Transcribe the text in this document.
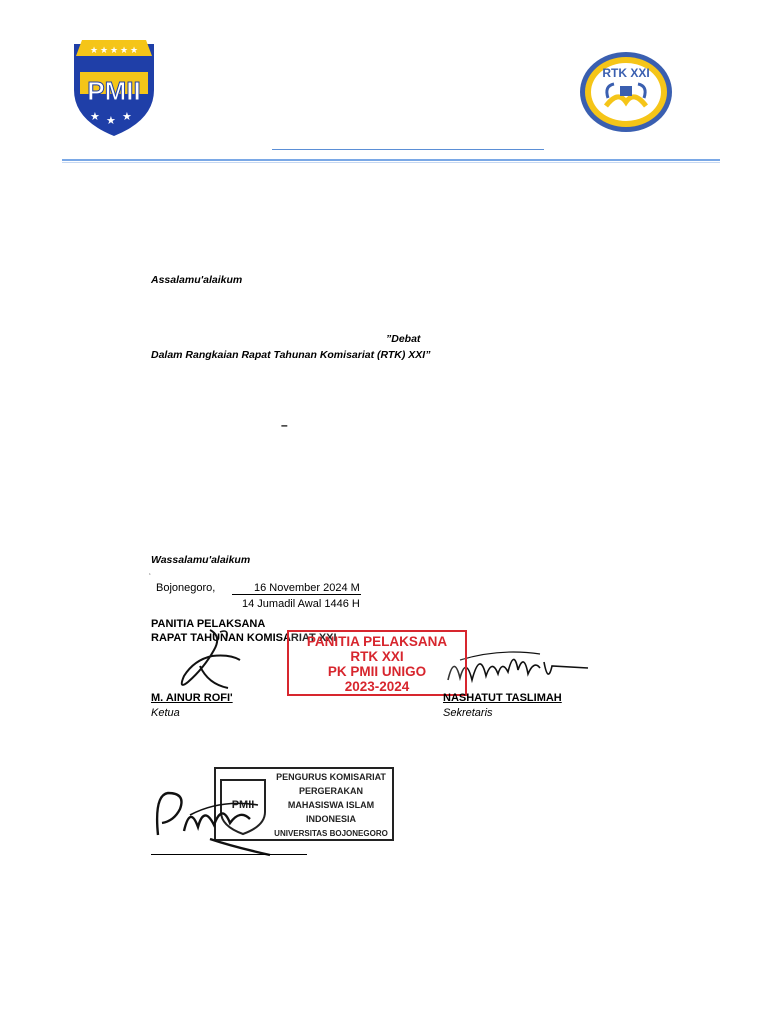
★ ★ ★ ★ ★
PMII
★ ★ ★
RTK XXI
Assalamu'alaikum
”Debat
Dalam Rangkaian Rapat Tahunan Komisariat (RTK) XXI”
–
Wassalamu'alaikum
‘
Bojonegoro,	16 November 2024 M
14 Jumadil Awal 1446 H
PANITIA PELAKSANA
RAPAT TAHUNAN KOMISARIAT XXI
PANITIA PELAKSANA
RTK XXI
PK PMII UNIGO
2023-2024
M. AINUR ROFI'
Ketua
NASHATUT TASLIMAH
Sekretaris
PMII
PENGURUS KOMISARIAT
PERGERAKAN
MAHASISWA ISLAM
INDONESIA
UNIVERSITAS BOJONEGORO
